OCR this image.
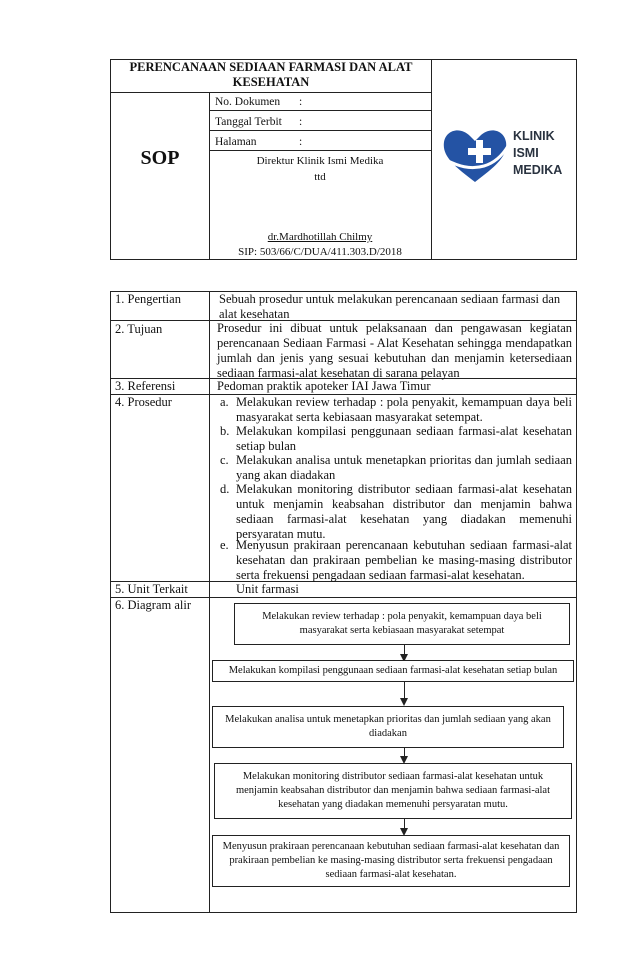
PERENCANAAN SEDIAAN FARMASI DAN ALAT KESEHATAN
SOP
No. Dokumen :
Tanggal Terbit :
Halaman	:
Direktur Klinik Ismi Medika
ttd
dr.Mardhotillah Chilmy
SIP: 503/66/C/DUA/411.303.D/2018
KLINIK
ISMI
MEDIKA
1. Pengertian	Sebuah prosedur untuk melakukan perencanaan sediaan farmasi dan
alat kesehatan
2. Tujuan	Prosedur ini dibuat untuk pelaksanaan dan pengawasan kegiatan perencanaan Sediaan Farmasi - Alat Kesehatan sehingga mendapatkan jumlah dan jenis yang sesuai kebutuhan dan menjamin ketersediaan sediaan farmasi-alat kesehatan di sarana pelayan
3. Referensi	Pedoman praktik apoteker IAI Jawa Timur
4. Prosedur	a. Melakukan review terhadap : pola penyakit, kemampuan daya beli masyarakat serta kebiasaan masyarakat setempat.
b. Melakukan kompilasi penggunaan sediaan farmasi-alat kesehatan setiap bulan
c. Melakukan analisa untuk menetapkan prioritas dan jumlah sediaan yang akan diadakan
d. Melakukan monitoring distributor sediaan farmasi-alat kesehatan untuk menjamin keabsahan distributor dan menjamin bahwa sediaan farmasi-alat kesehatan yang diadakan memenuhi persyaratan mutu.
e. Menyusun prakiraan perencanaan kebutuhan sediaan farmasi-alat kesehatan dan prakiraan pembelian ke masing-masing distributor serta frekuensi pengadaan sediaan farmasi-alat kesehatan.
5. Unit Terkait	Unit farmasi
6. Diagram alir
Melakukan review terhadap : pola penyakit, kemampuan daya beli masyarakat serta kebiasaan masyarakat setempat
Melakukan kompilasi penggunaan sediaan farmasi-alat kesehatan setiap bulan
Melakukan analisa untuk menetapkan prioritas dan jumlah sediaan yang akan diadakan
Melakukan monitoring distributor sediaan farmasi-alat kesehatan untuk menjamin keabsahan distributor dan menjamin bahwa sediaan farmasi-alat kesehatan yang diadakan memenuhi persyaratan mutu.
Menyusun prakiraan perencanaan kebutuhan sediaan farmasi-alat kesehatan dan prakiraan pembelian ke masing-masing distributor serta frekuensi pengadaan sediaan farmasi-alat kesehatan.
